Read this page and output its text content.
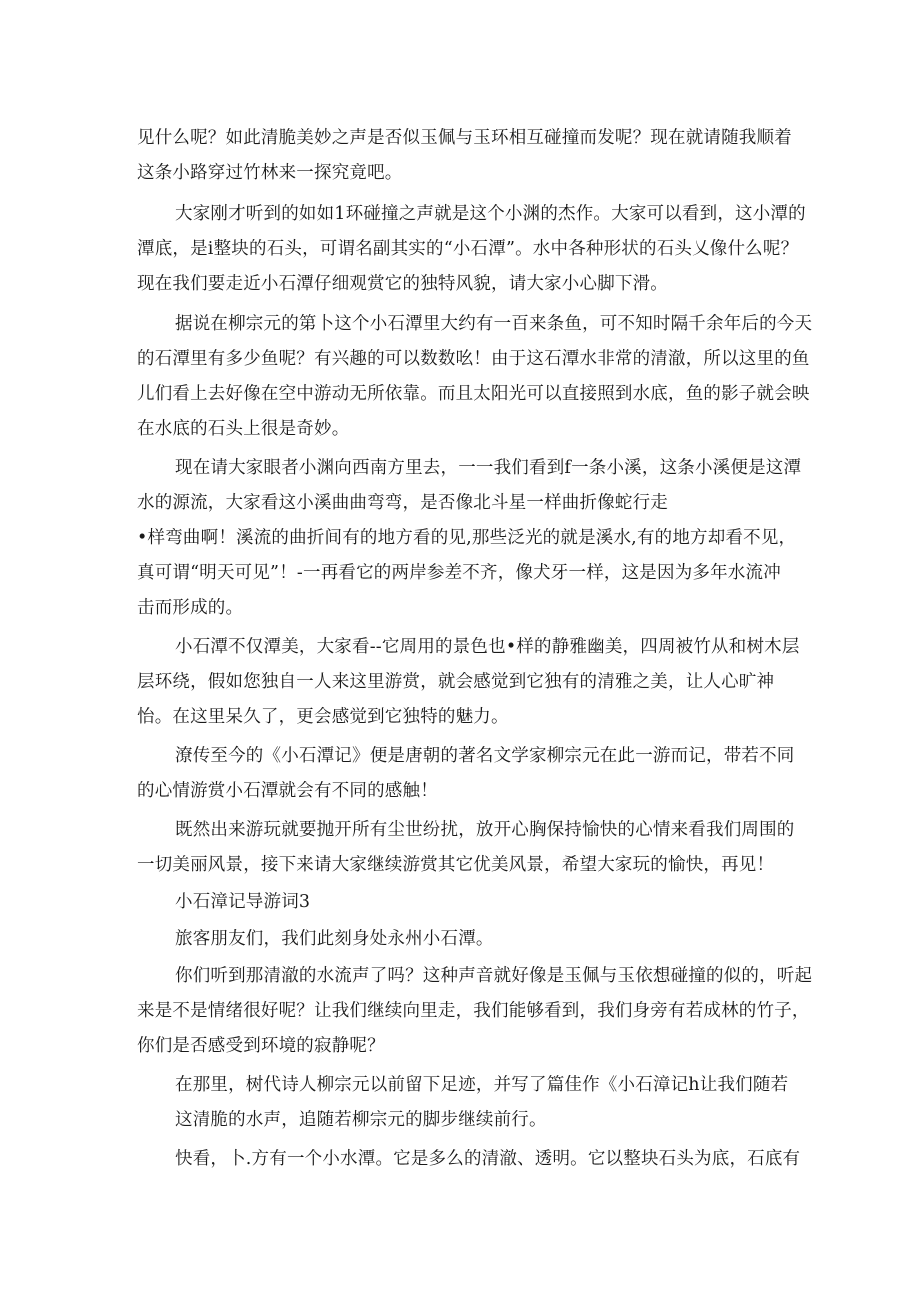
见什么呢？如此清脆美妙之声是否似玉佩与玉环相互碰撞而发呢？现在就请随我顺着
这条小路穿过竹林来一探究竟吧。
大家刚才听到的如如1环碰撞之声就是这个小渊的杰作。大家可以看到，这小潭的
潭底，是i整块的石头，可谓名副其实的“小石潭”。水中各种形状的石头乂像什么呢？
现在我们要走近小石潭仔细观赏它的独特风貌，请大家小心脚下滑。
据说在柳宗元的第卜这个小石潭里大约有一百来条鱼，可不知时隔千余年后的今天
的石潭里有多少鱼呢？有兴趣的可以数数吆！由于这石潭水非常的清澈，所以这里的鱼
儿们看上去好像在空中游动无所依靠。而且太阳光可以直接照到水底，鱼的影子就会映
在水底的石头上很是奇妙。
现在请大家眼者小渊向西南方里去，一一我们看到f一条小溪，这条小溪便是这潭
水的源流，大家看这小溪曲曲弯弯，是否像北斗星一样曲折像蛇行走
•样弯曲啊！溪流的曲折间有的地方看的见,那些泛光的就是溪水,有的地方却看不见，
真可谓“明天可见”！-一再看它的两岸参差不齐，像犬牙一样，这是因为多年水流冲
击而形成的。
小石潭不仅潭美，大家看--它周用的景色也•样的静雅幽美，四周被竹从和树木层
层环绕，假如您独自一人来这里游赏，就会感觉到它独有的清雅之美，让人心旷神
怡。在这里呆久了，更会感觉到它独特的魅力。
潦传至今的《小石潭记》便是唐朝的著名文学家柳宗元在此一游而记，带若不同
的心情游赏小石潭就会有不同的感触！
既然出来游玩就要抛开所有尘世纷扰，放开心胸保持愉快的心情来看我们周围的
一切美丽风景，接下来请大家继续游赏其它优美风景，希望大家玩的愉快，再见！
小石漳记导游词3
旅客朋友们，我们此刻身处永州小石潭。
你们听到那清澈的水流声了吗？这种声音就好像是玉佩与玉依想碰撞的似的，听起
来是不是情绪很好呢？让我们继续向里走，我们能够看到，我们身旁有若成林的竹子，
你们是否感受到环境的寂静呢？
在那里，树代诗人柳宗元以前留下足迹，并写了篇佳作《小石漳记h让我们随若
这清脆的水声，追随若柳宗元的脚步继续前行。
快看，卜.方有一个小水潭。它是多么的清澈、透明。它以整块石头为底，石底有
